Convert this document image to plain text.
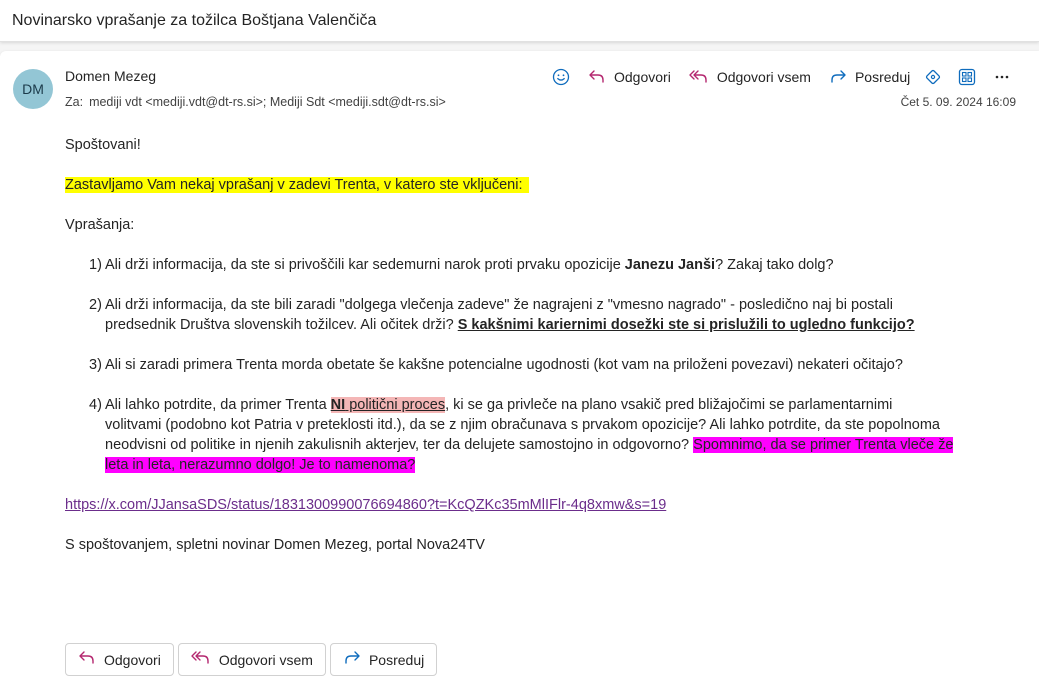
Novinarsko vprašanje za tožilca Boštjana Valenčiča
DM
Domen Mezeg
Za: mediji vdt <mediji.vdt@dt-rs.si>; Mediji Sdt <mediji.sdt@dt-rs.si>
Odgovori	Odgovori vsem	Posreduj
Čet 5. 09. 2024 16:09
Spoštovani!
Zastavljamo Vam nekaj vprašanj v zadevi Trenta, v katero ste vključeni:
Vprašanja:
1) Ali drži informacija, da ste si privoščili kar sedemurni narok proti prvaku opozicije Janezu Janši? Zakaj tako dolg?
2) Ali drži informacija, da ste bili zaradi "dolgega vlečenja zadeve" že nagrajeni z "vmesno nagrado" - posledično naj bi postali
predsednik Društva slovenskih tožilcev. Ali očitek drži? S kakšnimi kariernimi dosežki ste si prislužili to ugledno funkcijo?
3) Ali si zaradi primera Trenta morda obetate še kakšne potencialne ugodnosti (kot vam na priloženi povezavi) nekateri očitajo?
4) Ali lahko potrdite, da primer Trenta NI politični proces, ki se ga privleče na plano vsakič pred bližajočimi se parlamentarnimi
volitvami (podobno kot Patria v preteklosti itd.), da se z njim obračunava s prvakom opozicije? Ali lahko potrdite, da ste popolnoma
neodvisni od politike in njenih zakulisnih akterjev, ter da delujete samostojno in odgovorno? Spomnimo, da se primer Trenta vleče že
leta in leta, nerazumno dolgo! Je to namenoma?
https://x.com/JJansaSDS/status/1831300990076694860?t=KcQZKc35mMlIFlr-4q8xmw&s=19
S spoštovanjem, spletni novinar Domen Mezeg, portal Nova24TV
Odgovori	Odgovori vsem	Posreduj
